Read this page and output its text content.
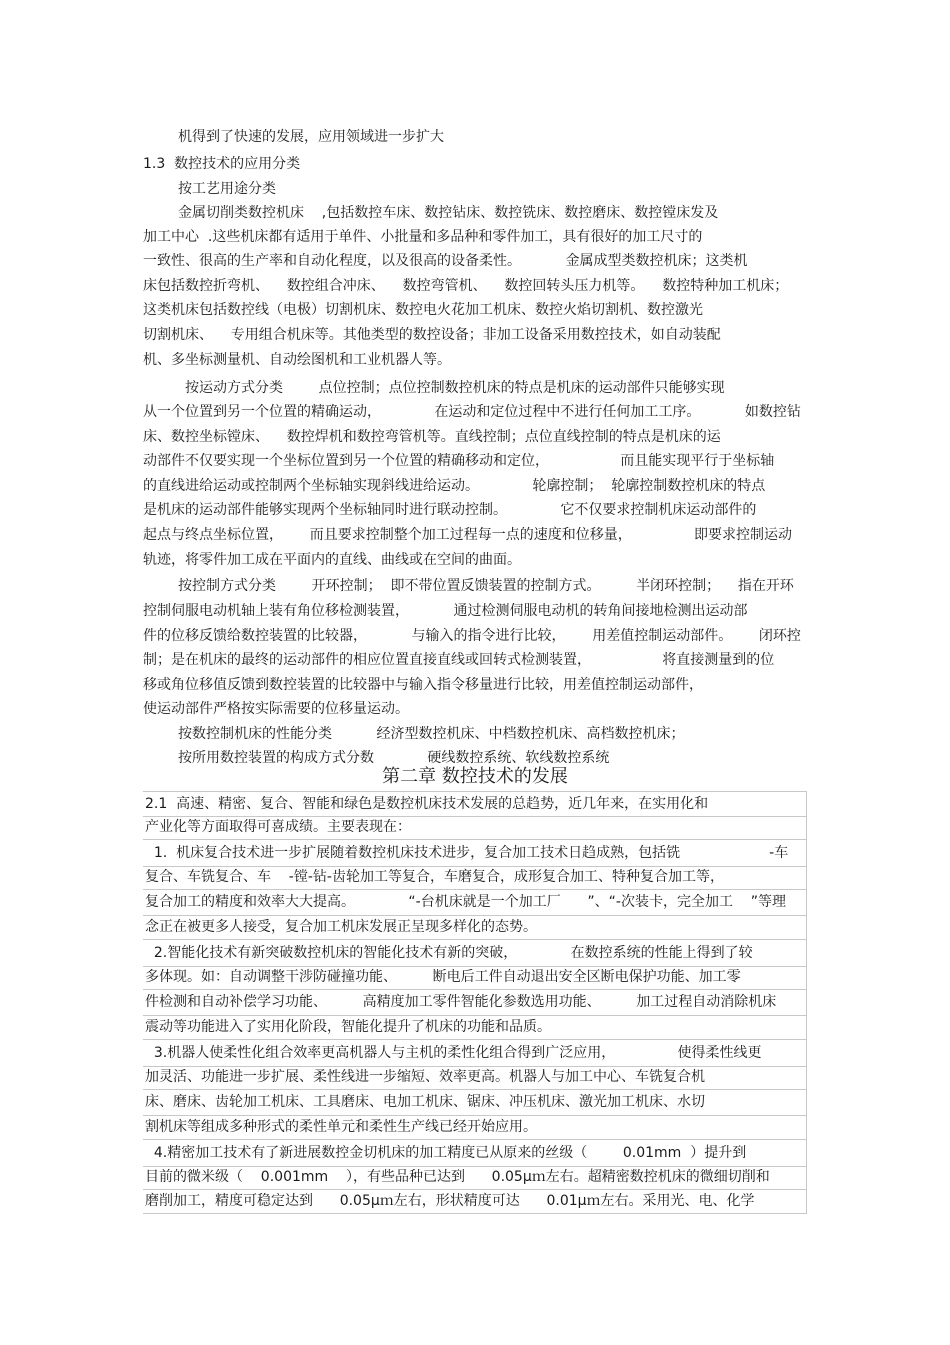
机得到了快速的发展，应用领域进一步扩大
1.3  数控技术的应用分类
按工艺用途分类
金属切削类数控机床    ,包括数控车床、数控钻床、数控铣床、数控磨床、数控镗床发及
加工中心  .这些机床都有适用于单件、小批量和多品种和零件加工，具有很好的加工尺寸的
一致性、很高的生产率和自动化程度，以及很高的设备柔性。          金属成型类数控机床；这类机
床包括数控折弯机、    数控组合冲床、    数控弯管机、    数控回转头压力机等。    数控特种加工机床；
这类机床包括数控线（电极）切割机床、数控电火花加工机床、数控火焰切割机、数控激光
切割机床、    专用组合机床等。其他类型的数控设备；非加工设备采用数控技术，如自动装配
机、多坐标测量机、自动绘图机和工业机器人等。
按运动方式分类        点位控制；点位控制数控机床的特点是机床的运动部件只能够实现
从一个位置到另一个位置的精确运动，            在运动和定位过程中不进行任何加工工序。          如数控钻
床、数控坐标镗床、    数控焊机和数控弯管机等。直线控制；点位直线控制的特点是机床的运
动部件不仅要实现一个坐标位置到另一个位置的精确移动和定位，                而且能实现平行于坐标轴
的直线进给运动或控制两个坐标轴实现斜线进给运动。            轮廓控制；  轮廓控制数控机床的特点
是机床的运动部件能够实现两个坐标轴同时进行联动控制。            它不仅要求控制机床运动部件的
起点与终点坐标位置，      而且要求控制整个加工过程每一点的速度和位移量，              即要求控制运动
轨迹，将零件加工成在平面内的直线、曲线或在空间的曲面。
按控制方式分类        开环控制；  即不带位置反馈装置的控制方式。        半闭环控制；    指在开环
控制伺服电动机轴上装有角位移检测装置，          通过检测伺服电动机的转角间接地检测出运动部
件的位移反馈给数控装置的比较器，          与输入的指令进行比较，      用差值控制运动部件。      闭环控
制；是在机床的最终的运动部件的相应位置直接直线或回转式检测装置，                将直接测量到的位
移或角位移值反馈到数控装置的比较器中与输入指令移量进行比较，用差值控制运动部件，
使运动部件严格按实际需要的位移量运动。
按数控制机床的性能分类          经济型数控机床、中档数控机床、高档数控机床；
按所用数控装置的构成方式分数            硬线数控系统、软线数控系统
第二章 数控技术的发展
2.1  高速、精密、复合、智能和绿色是数控机床技术发展的总趋势，近几年来，在实用化和
产业化等方面取得可喜成绩。主要表现在：
1.  机床复合技术进一步扩展随着数控机床技术进步，复合加工技术日趋成熟，包括铣                    -车
复合、车铣复合、车    -镗-钻-齿轮加工等复合，车磨复合，成形复合加工、特种复合加工等，
复合加工的精度和效率大大提高。            “-台机床就是一个加工厂      ”、“-次装卡，完全加工    ”等理
念正在被更多人接受，复合加工机床发展正呈现多样化的态势。
2.智能化技术有新突破数控机床的智能化技术有新的突破，            在数控系统的性能上得到了较
多体现。如：自动调整干涉防碰撞功能、        断电后工件自动退出安全区断电保护功能、加工零
件检测和自动补偿学习功能、        高精度加工零件智能化参数选用功能、        加工过程自动消除机床
震动等功能进入了实用化阶段，智能化提升了机床的功能和品质。
3.机器人使柔性化组合效率更高机器人与主机的柔性化组合得到广泛应用，              使得柔性线更
加灵活、功能进一步扩展、柔性线进一步缩短、效率更高。机器人与加工中心、车铣复合机
床、磨床、齿轮加工机床、工具磨床、电加工机床、锯床、冲压机床、激光加工机床、水切
割机床等组成多种形式的柔性单元和柔性生产线已经开始应用。
4.精密加工技术有了新进展数控金切机床的加工精度已从原来的丝级（        0.01mm  ）提升到
目前的微米级（    0.001mm    ），有些品种已达到      0.05μｍ左右。超精密数控机床的微细切削和
磨削加工，精度可稳定达到      0.05μｍ左右，形状精度可达      0.01μｍ左右。采用光、电、化学
